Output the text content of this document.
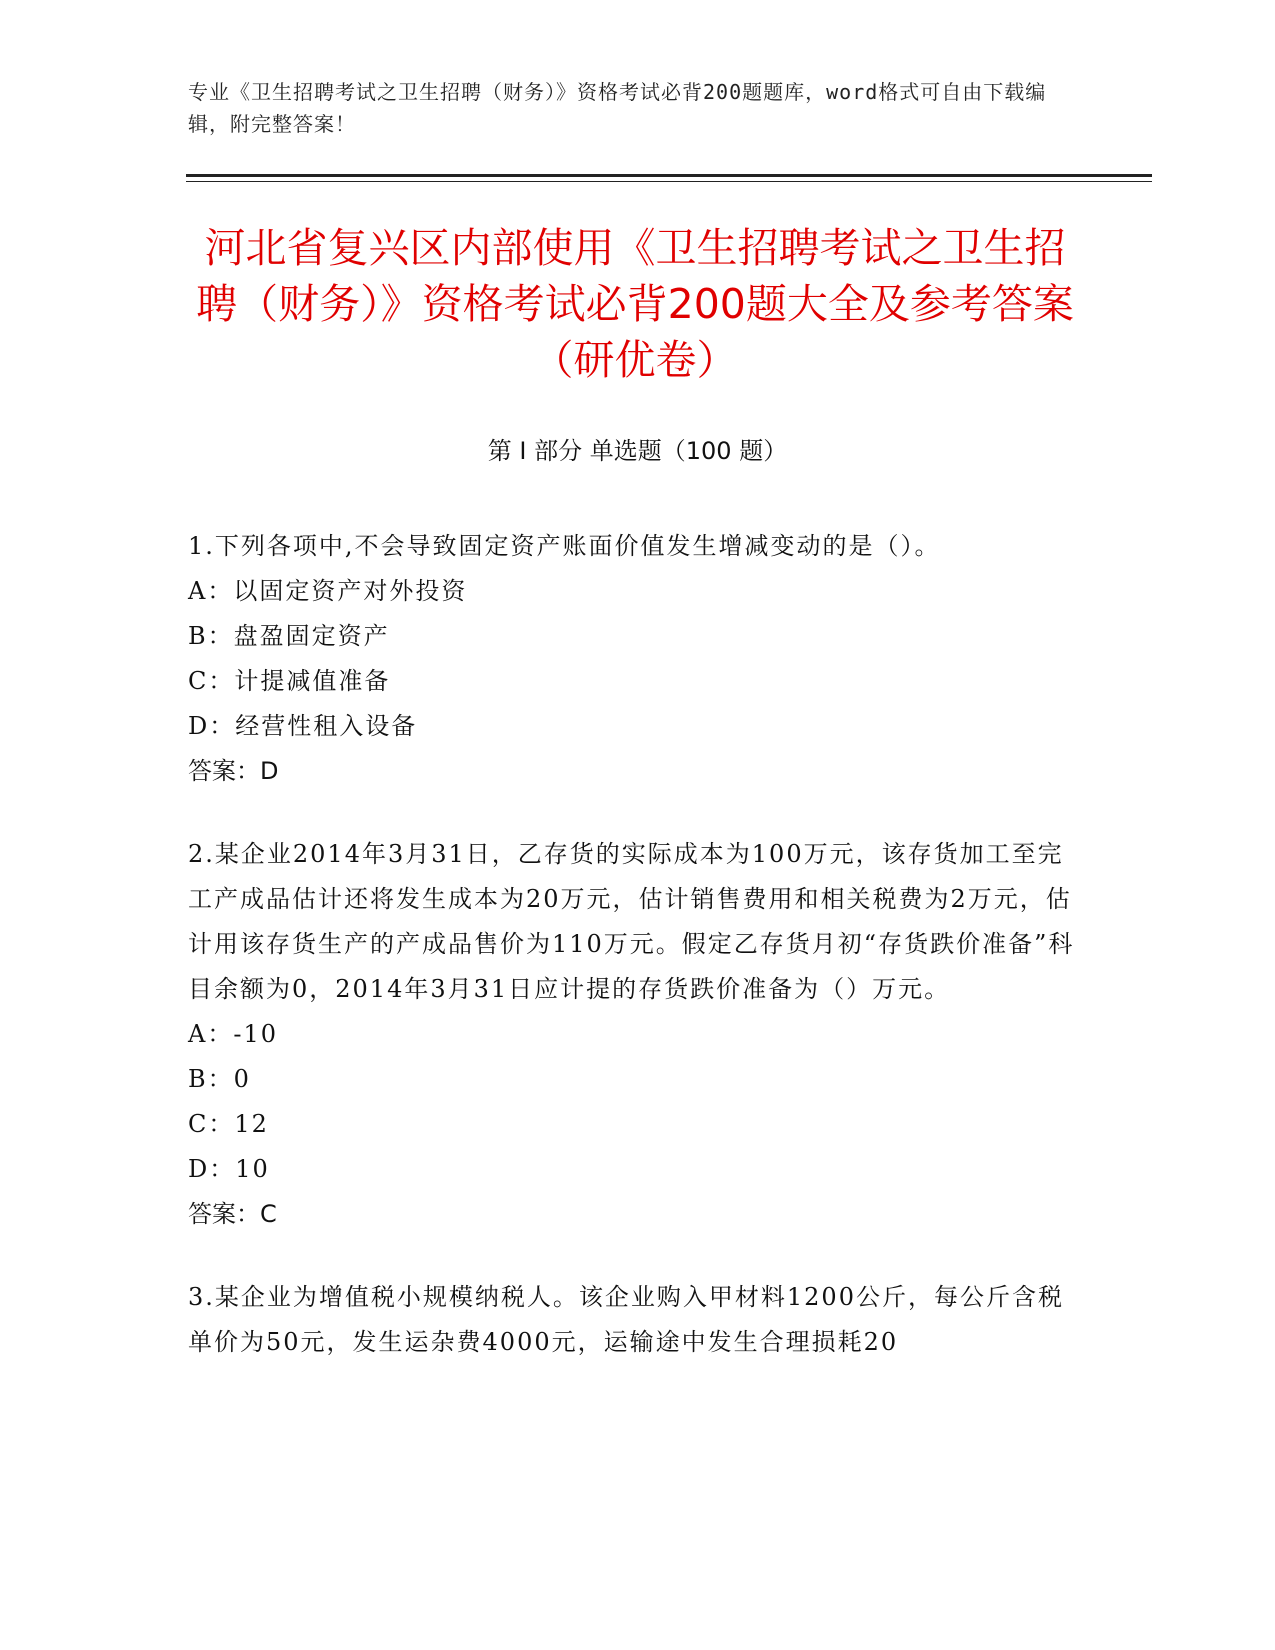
专业《卫生招聘考试之卫生招聘（财务）》资格考试必背200题题库，word格式可自由下载编辑，附完整答案！
河北省复兴区内部使用《卫生招聘考试之卫生招聘（财务）》资格考试必背200题大全及参考答案（研优卷）
第 I 部分 单选题（100 题）

1.下列各项中,不会导致固定资产账面价值发生增减变动的是（）。

A：以固定资产对外投资

B：盘盈固定资产

C：计提减值准备

D：经营性租入设备

答案：D

2.某企业2014年3月31日，乙存货的实际成本为100万元，该存货加工至完工产成品估计还将发生成本为20万元，估计销售费用和相关税费为2万元，估计用该存货生产的产成品售价为110万元。假定乙存货月初“存货跌价准备”科目余额为0，2014年3月31日应计提的存货跌价准备为（）万元。

A：-10

B：0

C：12

D：10

答案：C

3.某企业为增值税小规模纳税人。该企业购入甲材料1200公斤，每公斤含税单价为50元，发生运杂费4000元，运输途中发生合理损耗20
